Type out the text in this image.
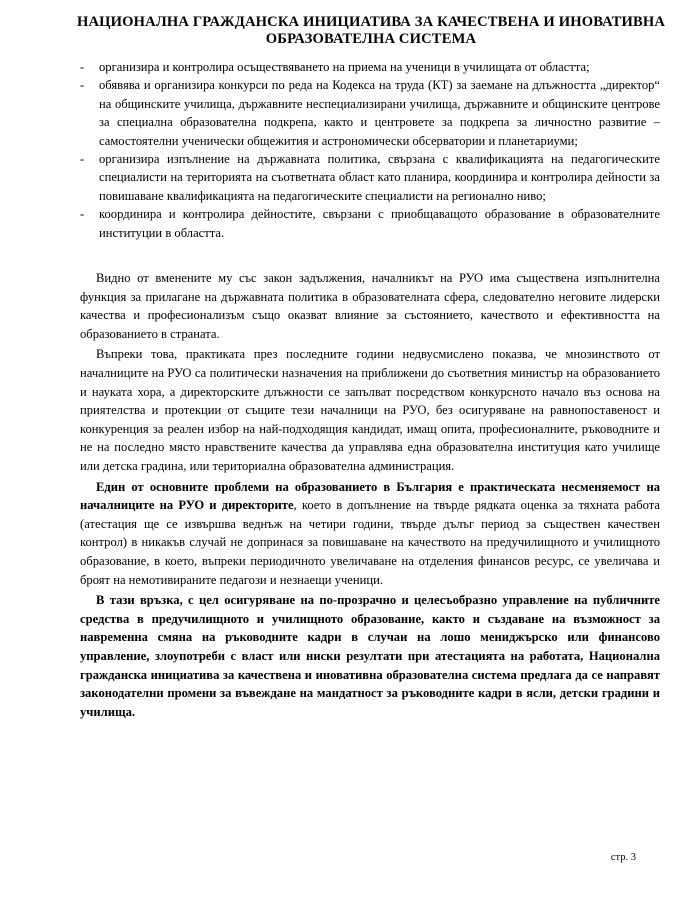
НАЦИОНАЛНА ГРАЖДАНСКА ИНИЦИАТИВА ЗА КАЧЕСТВЕНА И ИНОВАТИВНА ОБРАЗОВАТЕЛНА СИСТЕМА
- организира и контролира осъществяването на приема на ученици в училищата от областта;
- обявява и организира конкурси по реда на Кодекса на труда (КТ) за заемане на длъжността „директор“ на общинските училища, държавните неспециализирани училища, държавните и общинските центрове за специална образователна подкрепа, както и центровете за подкрепа за личностно развитие – самостоятелни ученически общежития и астрономически обсерватории и планетариуми;
- организира изпълнение на държавната политика, свързана с квалификацията на педагогическите специалисти на територията на съответната област като планира, координира и контролира дейности за повишаване квалификацията на педагогическите специалисти на регионално ниво;
- координира и контролира дейностите, свързани с приобщаващото образование в образователните институции в областта.

Видно от вменените му със закон задължения, началникът на РУО има съществена изпълнителна функция за прилагане на държавната политика в образователната сфера, следователно неговите лидерски качества и професионализъм също оказват влияние за състоянието, качеството и ефективността на образованието в страната.

Въпреки това, практиката през последните години недвусмислено показва, че мнозинството от началниците на РУО са политически назначения на приближени до съответния министър на образованието и науката хора, а директорските длъжности се запълват посредством конкурсното начало въз основа на приятелства и протекции от същите тези началници на РУО, без осигуряване на равнопоставеност и конкуренция за реален избор на най-подходящия кандидат, имащ опита, професионалните, ръководните и не на последно място нравствените качества да управлява една образователна институция като училище или детска градина, или териториална образователна администрация.

Един от основните проблеми на образованието в България е практическата несменяемост на началниците на РУО и директорите, което в допълнение на твърде рядката оценка за тяхната работа (атестация ще се извършва веднъж на четири години, твърде дълъг период за съществен качествен контрол) в никакъв случай не допринася за повишаване на качеството на предучилищното и училищното образование, в което, въпреки периодичното увеличаване на отделения финансов ресурс, се увеличава и броят на немотивираните педагози и незнаещи ученици.

В тази връзка, с цел осигуряване на по-прозрачно и целесъобразно управление на публичните средства в предучилищното и училищното образование, както и създаване на възможност за навременна смяна на ръководните кадри в случаи на лошо мениджърско или финансово управление, злоупотреби с власт или ниски резултати при атестацията на работата, Национална гражданска инициатива за качествена и иновативна образователна система предлага да се направят законодателни промени за въвеждане на мандатност за ръководните кадри в ясли, детски градини и училища.

стр. 3
